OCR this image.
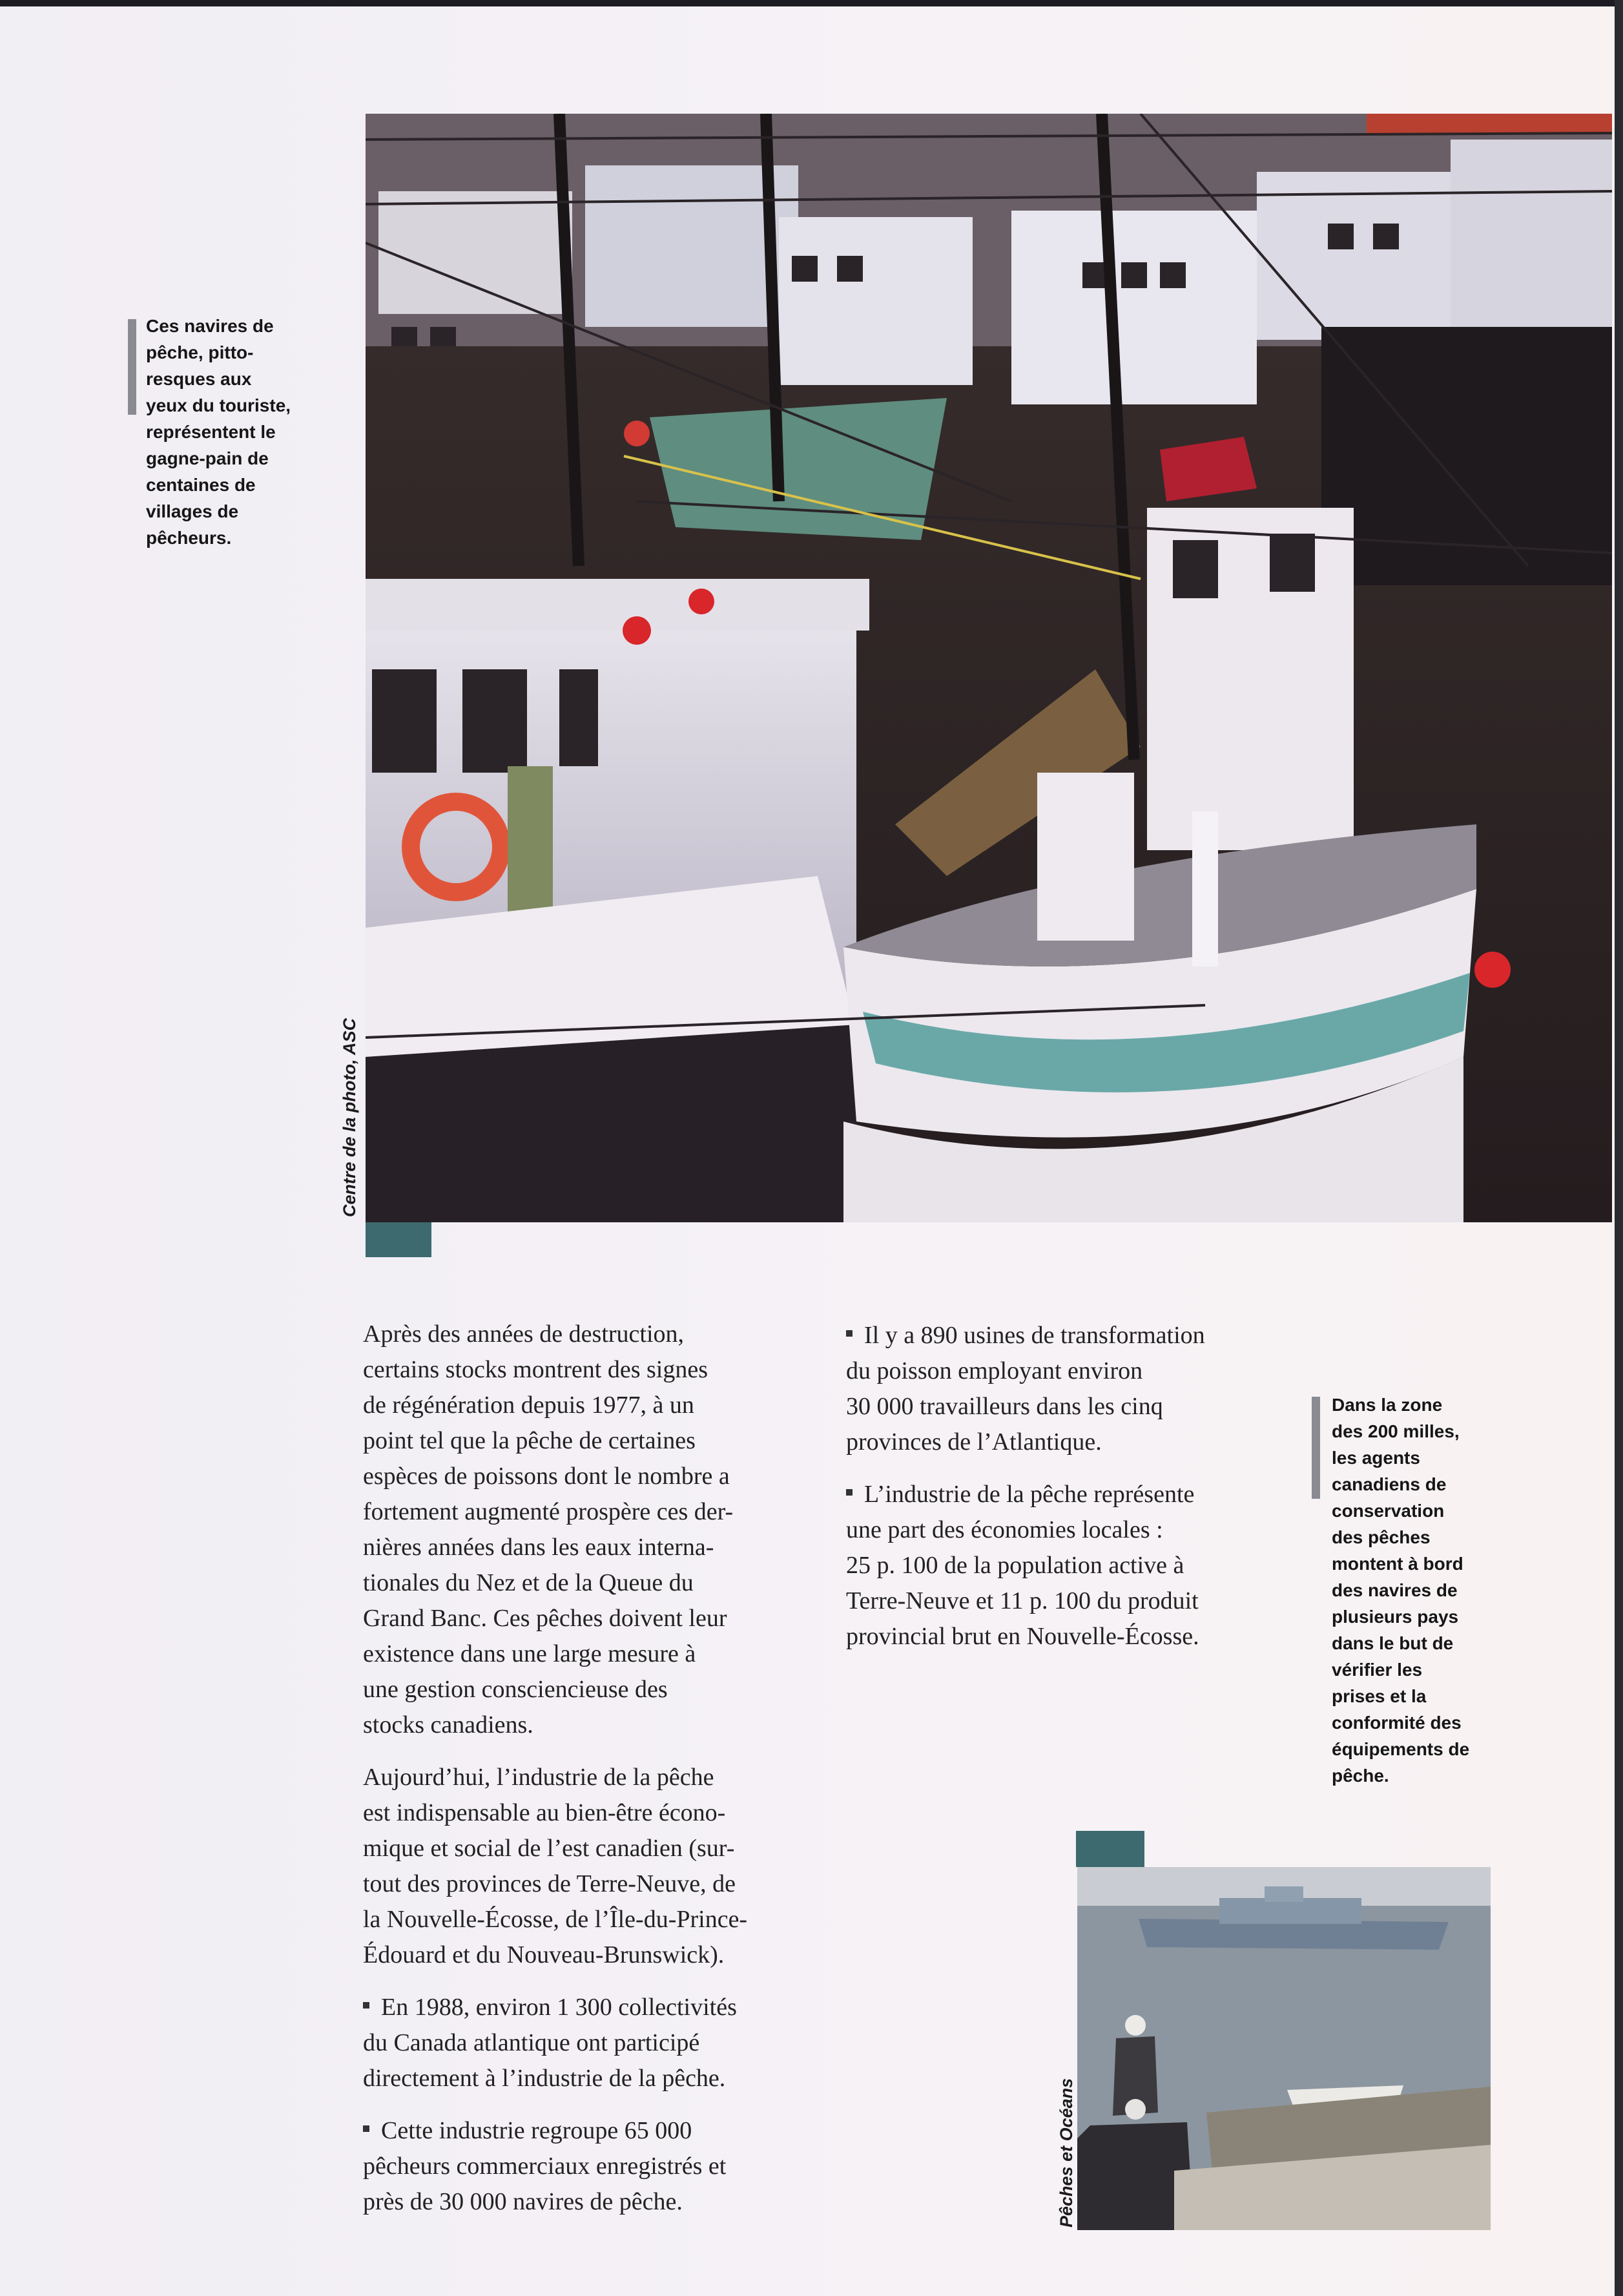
Ces navires de
pêche, pitto-
resques aux
yeux du touriste,
représentent le
gagne-pain de
centaines de
villages de
pêcheurs.
Centre de la photo, ASC
Pêches et Océans
Dans la zone
des 200 milles,
les agents
canadiens de
conservation
des pêches
montent à bord
des navires de
plusieurs pays
dans le but de
vérifier les
prises et la
conformité des
équipements de
pêche.

Après des années de destruction,
certains stocks montrent des signes
de régénération depuis 1977, à un
point tel que la pêche de certaines
espèces de poissons dont le nombre a
fortement augmenté prospère ces der-
nières années dans les eaux interna-
tionales du Nez et de la Queue du
Grand Banc. Ces pêches doivent leur
existence dans une large mesure à
une gestion consciencieuse des
stocks canadiens.

Aujourd’hui, l’industrie de la pêche
est indispensable au bien-être écono-
mique et social de l’est canadien (sur-
tout des provinces de Terre-Neuve, de
la Nouvelle-Écosse, de l’Île-du-Prince-
Édouard et du Nouveau-Brunswick).

En 1988, environ 1 300 collectivités
du Canada atlantique ont participé
directement à l’industrie de la pêche.

Cette industrie regroupe 65 000
pêcheurs commerciaux enregistrés et
près de 30 000 navires de pêche.

Il y a 890 usines de transformation
du poisson employant environ
30 000 travailleurs dans les cinq
provinces de l’Atlantique.

L’industrie de la pêche représente
une part des économies locales :
25 p. 100 de la population active à
Terre-Neuve et 11 p. 100 du produit
provincial brut en Nouvelle-Écosse.
